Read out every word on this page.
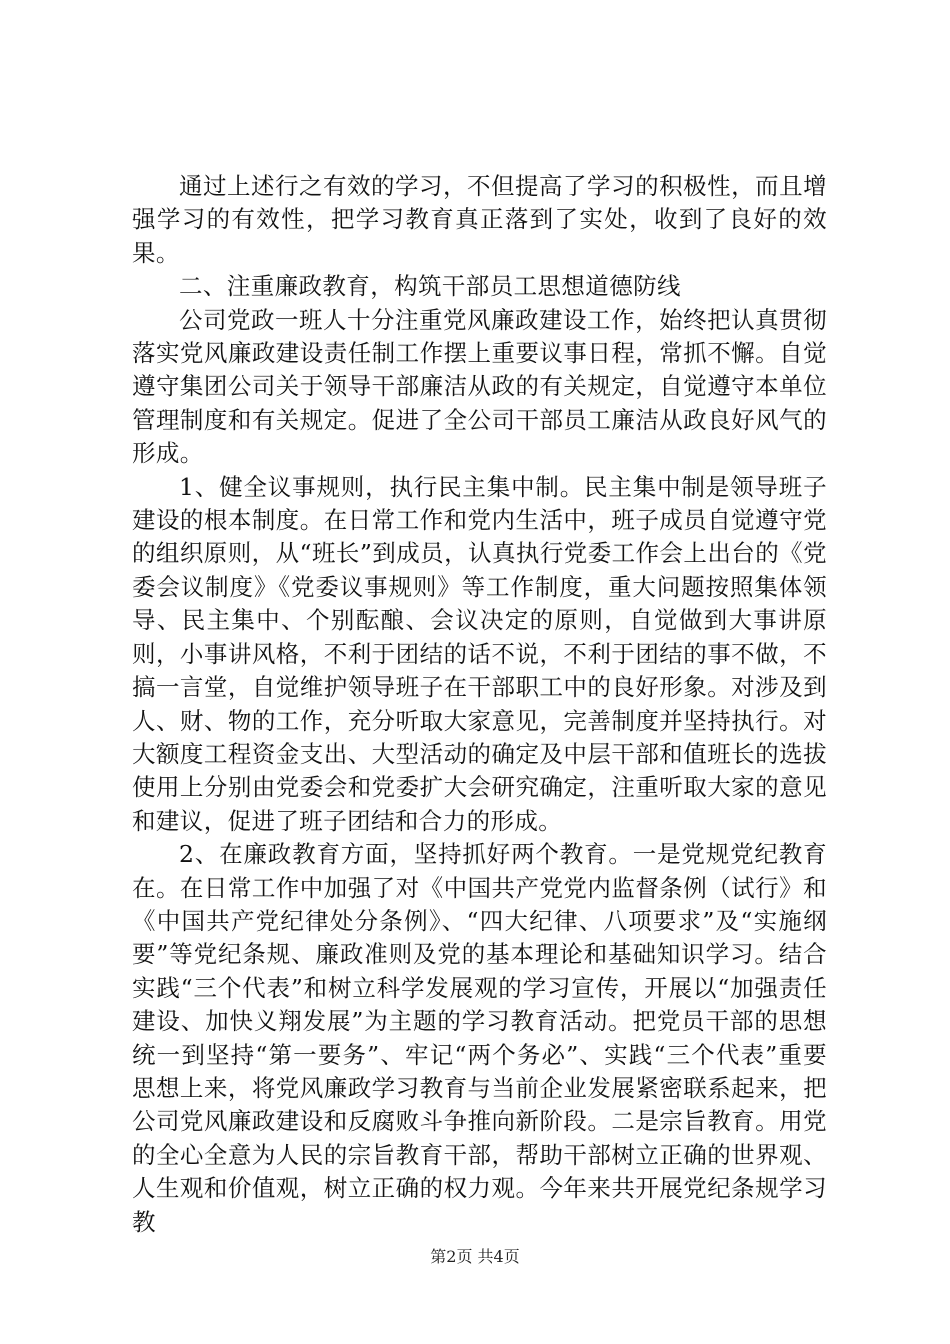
通过上述行之有效的学习，不但提高了学习的积极性，而且增强学习的有效性，把学习教育真正落到了实处，收到了良好的效果。

二、注重廉政教育，构筑干部员工思想道德防线

公司党政一班人十分注重党风廉政建设工作，始终把认真贯彻落实党风廉政建设责任制工作摆上重要议事日程，常抓不懈。自觉遵守集团公司关于领导干部廉洁从政的有关规定，自觉遵守本单位管理制度和有关规定。促进了全公司干部员工廉洁从政良好风气的形成。

1、健全议事规则，执行民主集中制。民主集中制是领导班子建设的根本制度。在日常工作和党内生活中，班子成员自觉遵守党的组织原则，从“班长”到成员，认真执行党委工作会上出台的《党委会议制度》《党委议事规则》等工作制度，重大问题按照集体领导、民主集中、个别酝酿、会议决定的原则，自觉做到大事讲原则，小事讲风格，不利于团结的话不说，不利于团结的事不做，不搞一言堂，自觉维护领导班子在干部职工中的良好形象。对涉及到人、财、物的工作，充分听取大家意见，完善制度并坚持执行。对大额度工程资金支出、大型活动的确定及中层干部和值班长的选拔使用上分别由党委会和党委扩大会研究确定，注重听取大家的意见和建议，促进了班子团结和合力的形成。

2、在廉政教育方面，坚持抓好两个教育。一是党规党纪教育在。在日常工作中加强了对《中国共产党党内监督条例（试行》和《中国共产党纪律处分条例》、“四大纪律、八项要求”及“实施纲要”等党纪条规、廉政准则及党的基本理论和基础知识学习。结合实践“三个代表”和树立科学发展观的学习宣传，开展以“加强责任建设、加快义翔发展”为主题的学习教育活动。把党员干部的思想统一到坚持“第一要务”、牢记“两个务必”、实践“三个代表”重要思想上来，将党风廉政学习教育与当前企业发展紧密联系起来，把公司党风廉政建设和反腐败斗争推向新阶段。二是宗旨教育。用党的全心全意为人民的宗旨教育干部，帮助干部树立正确的世界观、人生观和价值观，树立正确的权力观。今年来共开展党纪条规学习教

第2页 共4页
